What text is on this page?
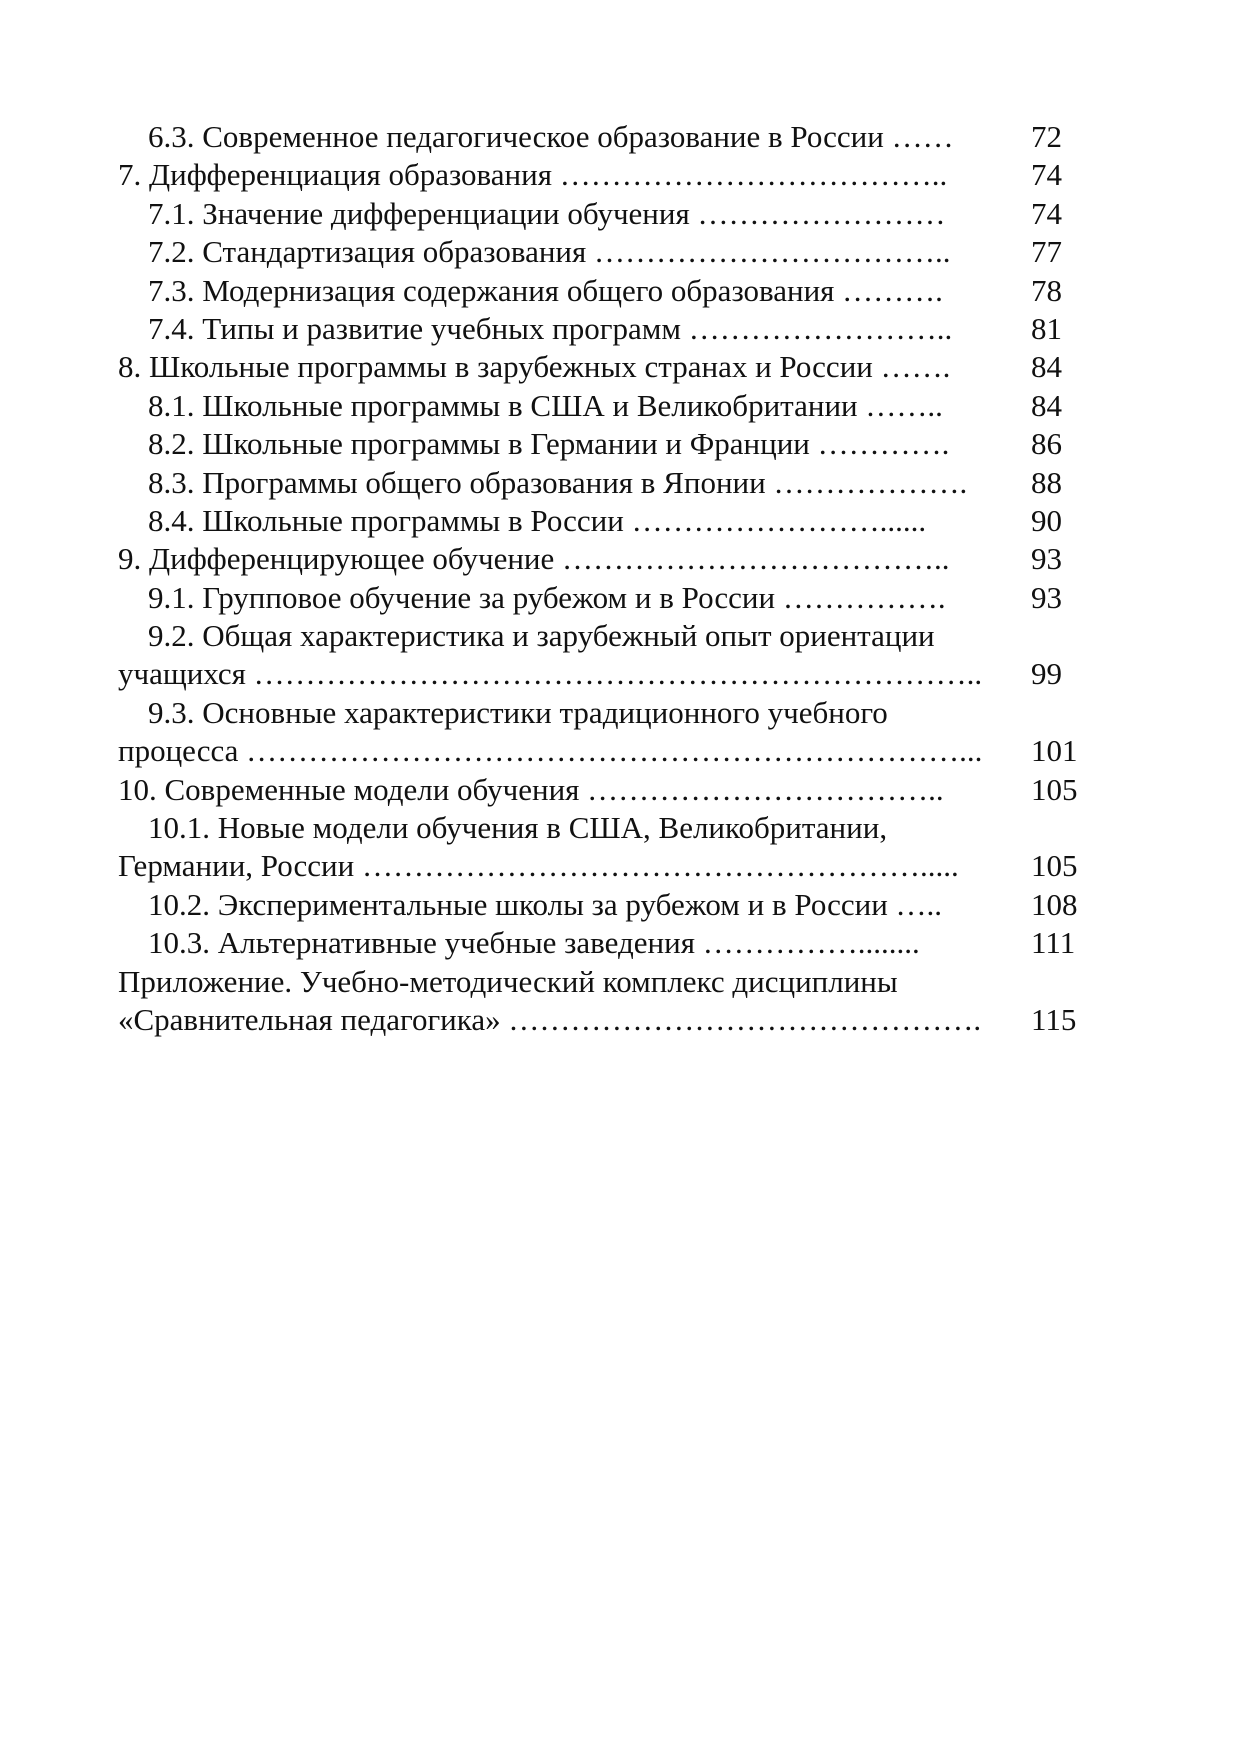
6.3. Современное педагогическое образование в России …… 72
7. Дифференциация образования ………………………………..	74
7.1. Значение дифференциации обучения ……………………	74
7.2. Стандартизация образования ……………………………..	77
7.3. Модернизация содержания общего образования ……….	78
7.4. Типы и развитие учебных программ ……………………..	81
8. Школьные программы в зарубежных странах и России …….	84
8.1. Школьные программы в США и Великобритании ……..	84
8.2. Школьные программы в Германии и Франции ………….	86
8.3. Программы общего образования в Японии ………………. 88
8.4. Школьные программы в России ……………………......	90
9. Дифференцирующее обучение ………………………………..	93
9.1. Групповое обучение за рубежом и в России …………….	93
9.2. Общая характеристика и зарубежный опыт ориентации
учащихся …………………………………………………………….. 99
9.3. Основные характеристики традиционного учебного
процесса ……………………………………………………………... 101
10. Современные модели обучения ……………………………..	105
10.1. Новые модели обучения в США, Великобритании,
Германии, России ………………………………………………..... 105
10.2. Экспериментальные школы за рубежом и в России …..	108
10.3. Альтернативные учебные заведения ……………........	111
Приложение. Учебно-методический комплекс дисциплины
«Сравнительная педагогика» ………………………………………. 115
